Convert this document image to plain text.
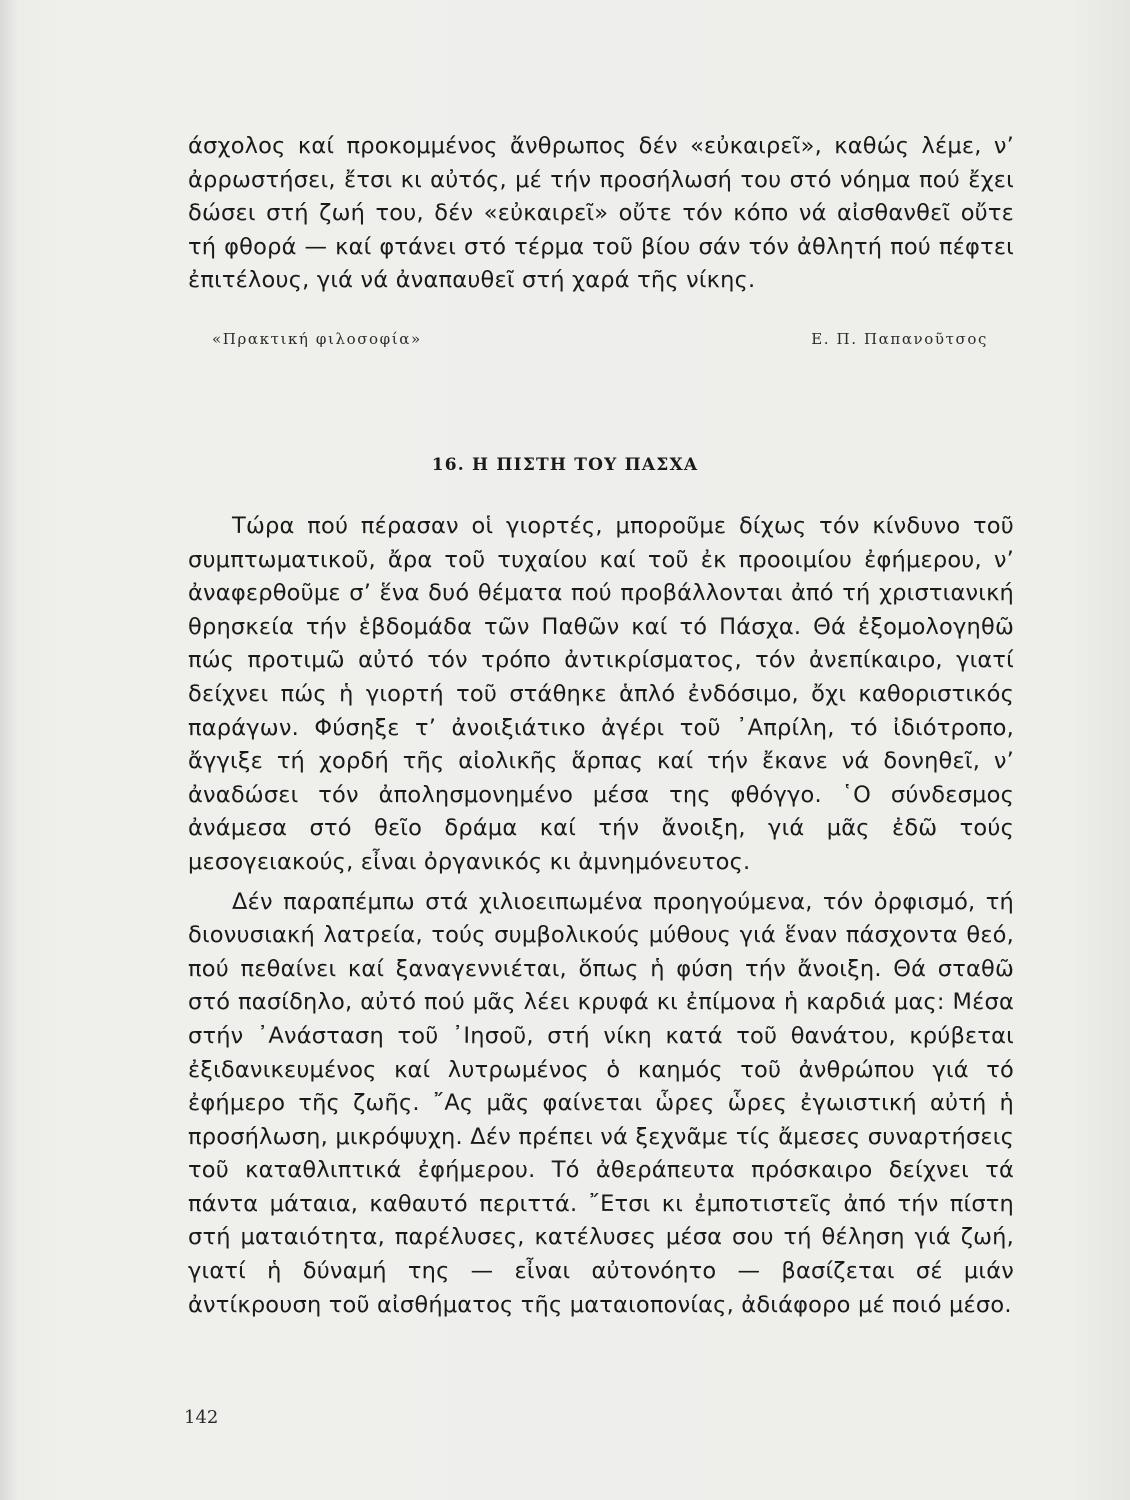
άσχολος καί προκομμένος ἄνθρωπος δέν «εὐκαιρεῖ», καθώς λέμε, ν’ ἀρρωστήσει, ἔτσι κι αὐτός, μέ τήν προσήλωσή του στό νόημα πού ἔχει δώσει στή ζωή του, δέν «εὐκαιρεῖ» οὔτε τόν κόπο νά αἰσθανθεῖ οὔτε τή φθορά — καί φτάνει στό τέρμα τοῦ βίου σάν τόν ἀθλητή πού πέφτει ἐπιτέλους, γιά νά ἀναπαυθεῖ στή χαρά τῆς νίκης.

«Πρακτική φιλοσοφία»	Ε. Π. Παπανοῦτσος
16. Η ΠΙΣΤΗ ΤΟΥ ΠΑΣΧΑ

Τώρα πού πέρασαν οἱ γιορτές, μποροῦμε δίχως τόν κίνδυνο τοῦ συμπτωματικοῦ, ἄρα τοῦ τυχαίου καί τοῦ ἐκ προοιμίου ἐφήμερου, ν’ ἀναφερθοῦμε σ’ ἕνα δυό θέματα πού προβάλλονται ἀπό τή χριστιανική θρησκεία τήν ἑβδομάδα τῶν Παθῶν καί τό Πάσχα. Θά ἐξομολογηθῶ πώς προτιμῶ αὐτό τόν τρόπο ἀντικρίσματος, τόν ἀνεπίκαιρο, γιατί δείχνει πώς ἡ γιορτή τοῦ στάθηκε ἁπλό ἐνδόσιμο, ὄχι καθοριστικός παράγων. Φύσηξε τ’ ἀνοιξιάτικο ἀγέρι τοῦ ᾿Απρίλη, τό ἰδιότροπο, ἄγγιξε τή χορδή τῆς αἰολικῆς ἅρπας καί τήν ἔκανε νά δονηθεῖ, ν’ ἀναδώσει τόν ἀπολησμονημένο μέσα της φθόγγο. ῾Ο σύνδεσμος ἀνάμεσα στό θεῖο δράμα καί τήν ἄνοιξη, γιά μᾶς ἐδῶ τούς μεσογειακούς, εἶναι ὀργανικός κι ἀμνημόνευτος.

Δέν παραπέμπω στά χιλιοειπωμένα προηγούμενα, τόν ὀρφισμό, τή διονυσιακή λατρεία, τούς συμβολικούς μύθους γιά ἕναν πάσχοντα θεό, πού πεθαίνει καί ξαναγεννιέται, ὅπως ἡ φύση τήν ἄνοιξη. Θά σταθῶ στό πασίδηλο, αὐτό πού μᾶς λέει κρυφά κι ἐπίμονα ἡ καρδιά μας: Μέσα στήν ᾿Ανάσταση τοῦ ᾿Ιησοῦ, στή νίκη κατά τοῦ θανάτου, κρύβεται ἐξιδανικευμένος καί λυτρωμένος ὁ καημός τοῦ ἀνθρώπου γιά τό ἐφήμερο τῆς ζωῆς. ῎Ας μᾶς φαίνεται ὧρες ὧρες ἐγωιστική αὐτή ἡ προσήλωση, μικρόψυχη. Δέν πρέπει νά ξεχνᾶμε τίς ἄμεσες συναρτήσεις τοῦ καταθλιπτικά ἐφήμερου. Τό ἀθεράπευτα πρόσκαιρο δείχνει τά πάντα μάταια, καθαυτό περιττά. ῎Ετσι κι ἐμποτιστεῖς ἀπό τήν πίστη στή ματαιότητα, παρέλυσες, κατέλυσες μέσα σου τή θέληση γιά ζωή, γιατί ἡ δύναμή της — εἶναι αὐτονόητο — βασίζεται σέ μιάν ἀντίκρουση τοῦ αἰσθήματος τῆς ματαιοπονίας, ἀδιάφορο μέ ποιό μέσο.

142
